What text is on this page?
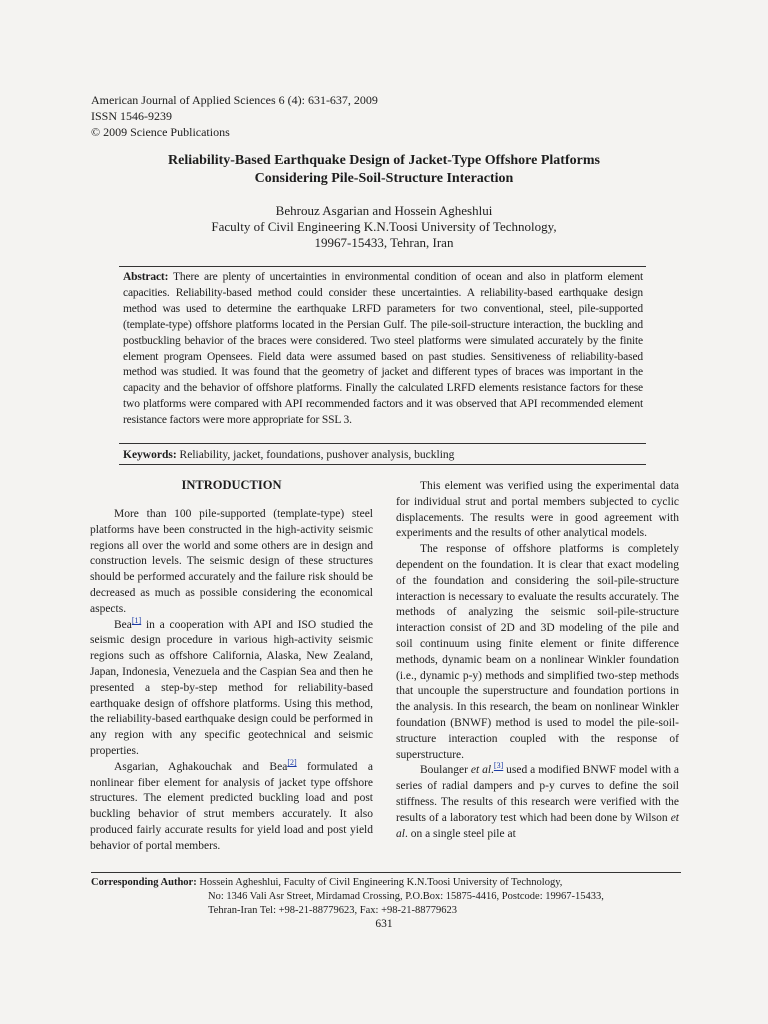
American Journal of Applied Sciences 6 (4): 631-637, 2009
ISSN 1546-9239
© 2009 Science Publications
Reliability-Based Earthquake Design of Jacket-Type Offshore Platforms
Considering Pile-Soil-Structure Interaction
Behrouz Asgarian and Hossein Agheshlui
Faculty of Civil Engineering K.N.Toosi University of Technology,
19967-15433, Tehran, Iran

Abstract: There are plenty of uncertainties in environmental condition of ocean and also in platform element capacities. Reliability-based method could consider these uncertainties. A reliability-based earthquake design method was used to determine the earthquake LRFD parameters for two conventional, steel, pile-supported (template-type) offshore platforms located in the Persian Gulf. The pile-soil-structure interaction, the buckling and postbuckling behavior of the braces were considered. Two steel platforms were simulated accurately by the finite element program Opensees. Field data were assumed based on past studies. Sensitiveness of reliability-based method was studied. It was found that the geometry of jacket and different types of braces was important in the capacity and the behavior of offshore platforms. Finally the calculated LRFD elements resistance factors for these two platforms were compared with API recommended factors and it was observed that API recommended element resistance factors were more appropriate for SSL 3.

Keywords: Reliability, jacket, foundations, pushover analysis, buckling
INTRODUCTION

More than 100 pile-supported (template-type) steel platforms have been constructed in the high-activity seismic regions all over the world and some others are in design and construction levels. The seismic design of these structures should be performed accurately and the failure risk should be decreased as much as possible considering the economical aspects.

Bea[1] in a cooperation with API and ISO studied the seismic design procedure in various high-activity seismic regions such as offshore California, Alaska, New Zealand, Japan, Indonesia, Venezuela and the Caspian Sea and then he presented a step-by-step method for reliability-based earthquake design of offshore platforms. Using this method, the reliability-based earthquake design could be performed in any region with any specific geotechnical and seismic properties.

Asgarian, Aghakouchak and Bea[2] formulated a nonlinear fiber element for analysis of jacket type offshore structures. The element predicted buckling load and post buckling behavior of strut members accurately. It also produced fairly accurate results for yield load and post yield behavior of portal members.

This element was verified using the experimental data for individual strut and portal members subjected to cyclic displacements. The results were in good agreement with experiments and the results of other analytical models.

The response of offshore platforms is completely dependent on the foundation. It is clear that exact modeling of the foundation and considering the soil-pile-structure interaction is necessary to evaluate the results accurately. The methods of analyzing the seismic soil-pile-structure interaction consist of 2D and 3D modeling of the pile and soil continuum using finite element or finite difference methods, dynamic beam on a nonlinear Winkler foundation (i.e., dynamic p-y) methods and simplified two-step methods that uncouple the superstructure and foundation portions in the analysis. In this research, the beam on nonlinear Winkler foundation (BNWF) method is used to model the pile-soil-structure interaction coupled with the response of superstructure.

Boulanger et al.[3] used a modified BNWF model with a series of radial dampers and p-y curves to define the soil stiffness. The results of this research were verified with the results of a laboratory test which had been done by Wilson et al. on a single steel pile at

Corresponding Author: Hossein Agheshlui, Faculty of Civil Engineering K.N.Toosi University of Technology,
No: 1346 Vali Asr Street, Mirdamad Crossing, P.O.Box: 15875-4416, Postcode: 19967-15433,
Tehran-Iran Tel: +98-21-88779623, Fax: +98-21-88779623
631
